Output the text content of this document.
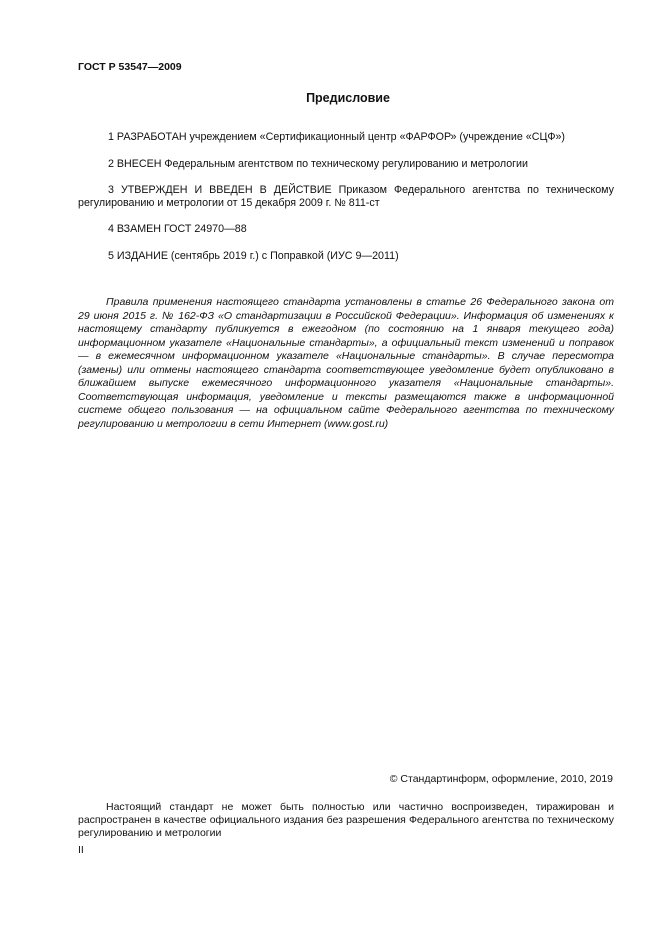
ГОСТ Р 53547—2009
Предисловие
1 РАЗРАБОТАН учреждением «Сертификационный центр «ФАРФОР» (учреждение «СЦФ»)
2 ВНЕСЕН Федеральным агентством по техническому регулированию и метрологии
3 УТВЕРЖДЕН И ВВЕДЕН В ДЕЙСТВИЕ Приказом Федерального агентства по техническому регулированию и метрологии от 15 декабря 2009 г. № 811-ст
4 ВЗАМЕН ГОСТ 24970—88
5 ИЗДАНИЕ (сентябрь 2019 г.) с Поправкой (ИУС 9—2011)
Правила применения настоящего стандарта установлены в статье 26 Федерального закона от 29 июня 2015 г. № 162-ФЗ «О стандартизации в Российской Федерации». Информация об изменениях к настоящему стандарту публикуется в ежегодном (по состоянию на 1 января текущего года) информационном указателе «Национальные стандарты», а официальный текст изменений и поправок — в ежемесячном информационном указателе «Национальные стандарты». В случае пересмотра (замены) или отмены настоящего стандарта соответствующее уведомление будет опубликовано в ближайшем выпуске ежемесячного информационного указателя «Национальные стандарты». Соответствующая информация, уведомление и тексты размещаются также в информационной системе общего пользования — на официальном сайте Федерального агентства по техническому регулированию и метрологии в сети Интернет (www.gost.ru)
© Стандартинформ, оформление, 2010, 2019
Настоящий стандарт не может быть полностью или частично воспроизведен, тиражирован и распространен в качестве официального издания без разрешения Федерального агентства по техническому регулированию и метрологии
II
